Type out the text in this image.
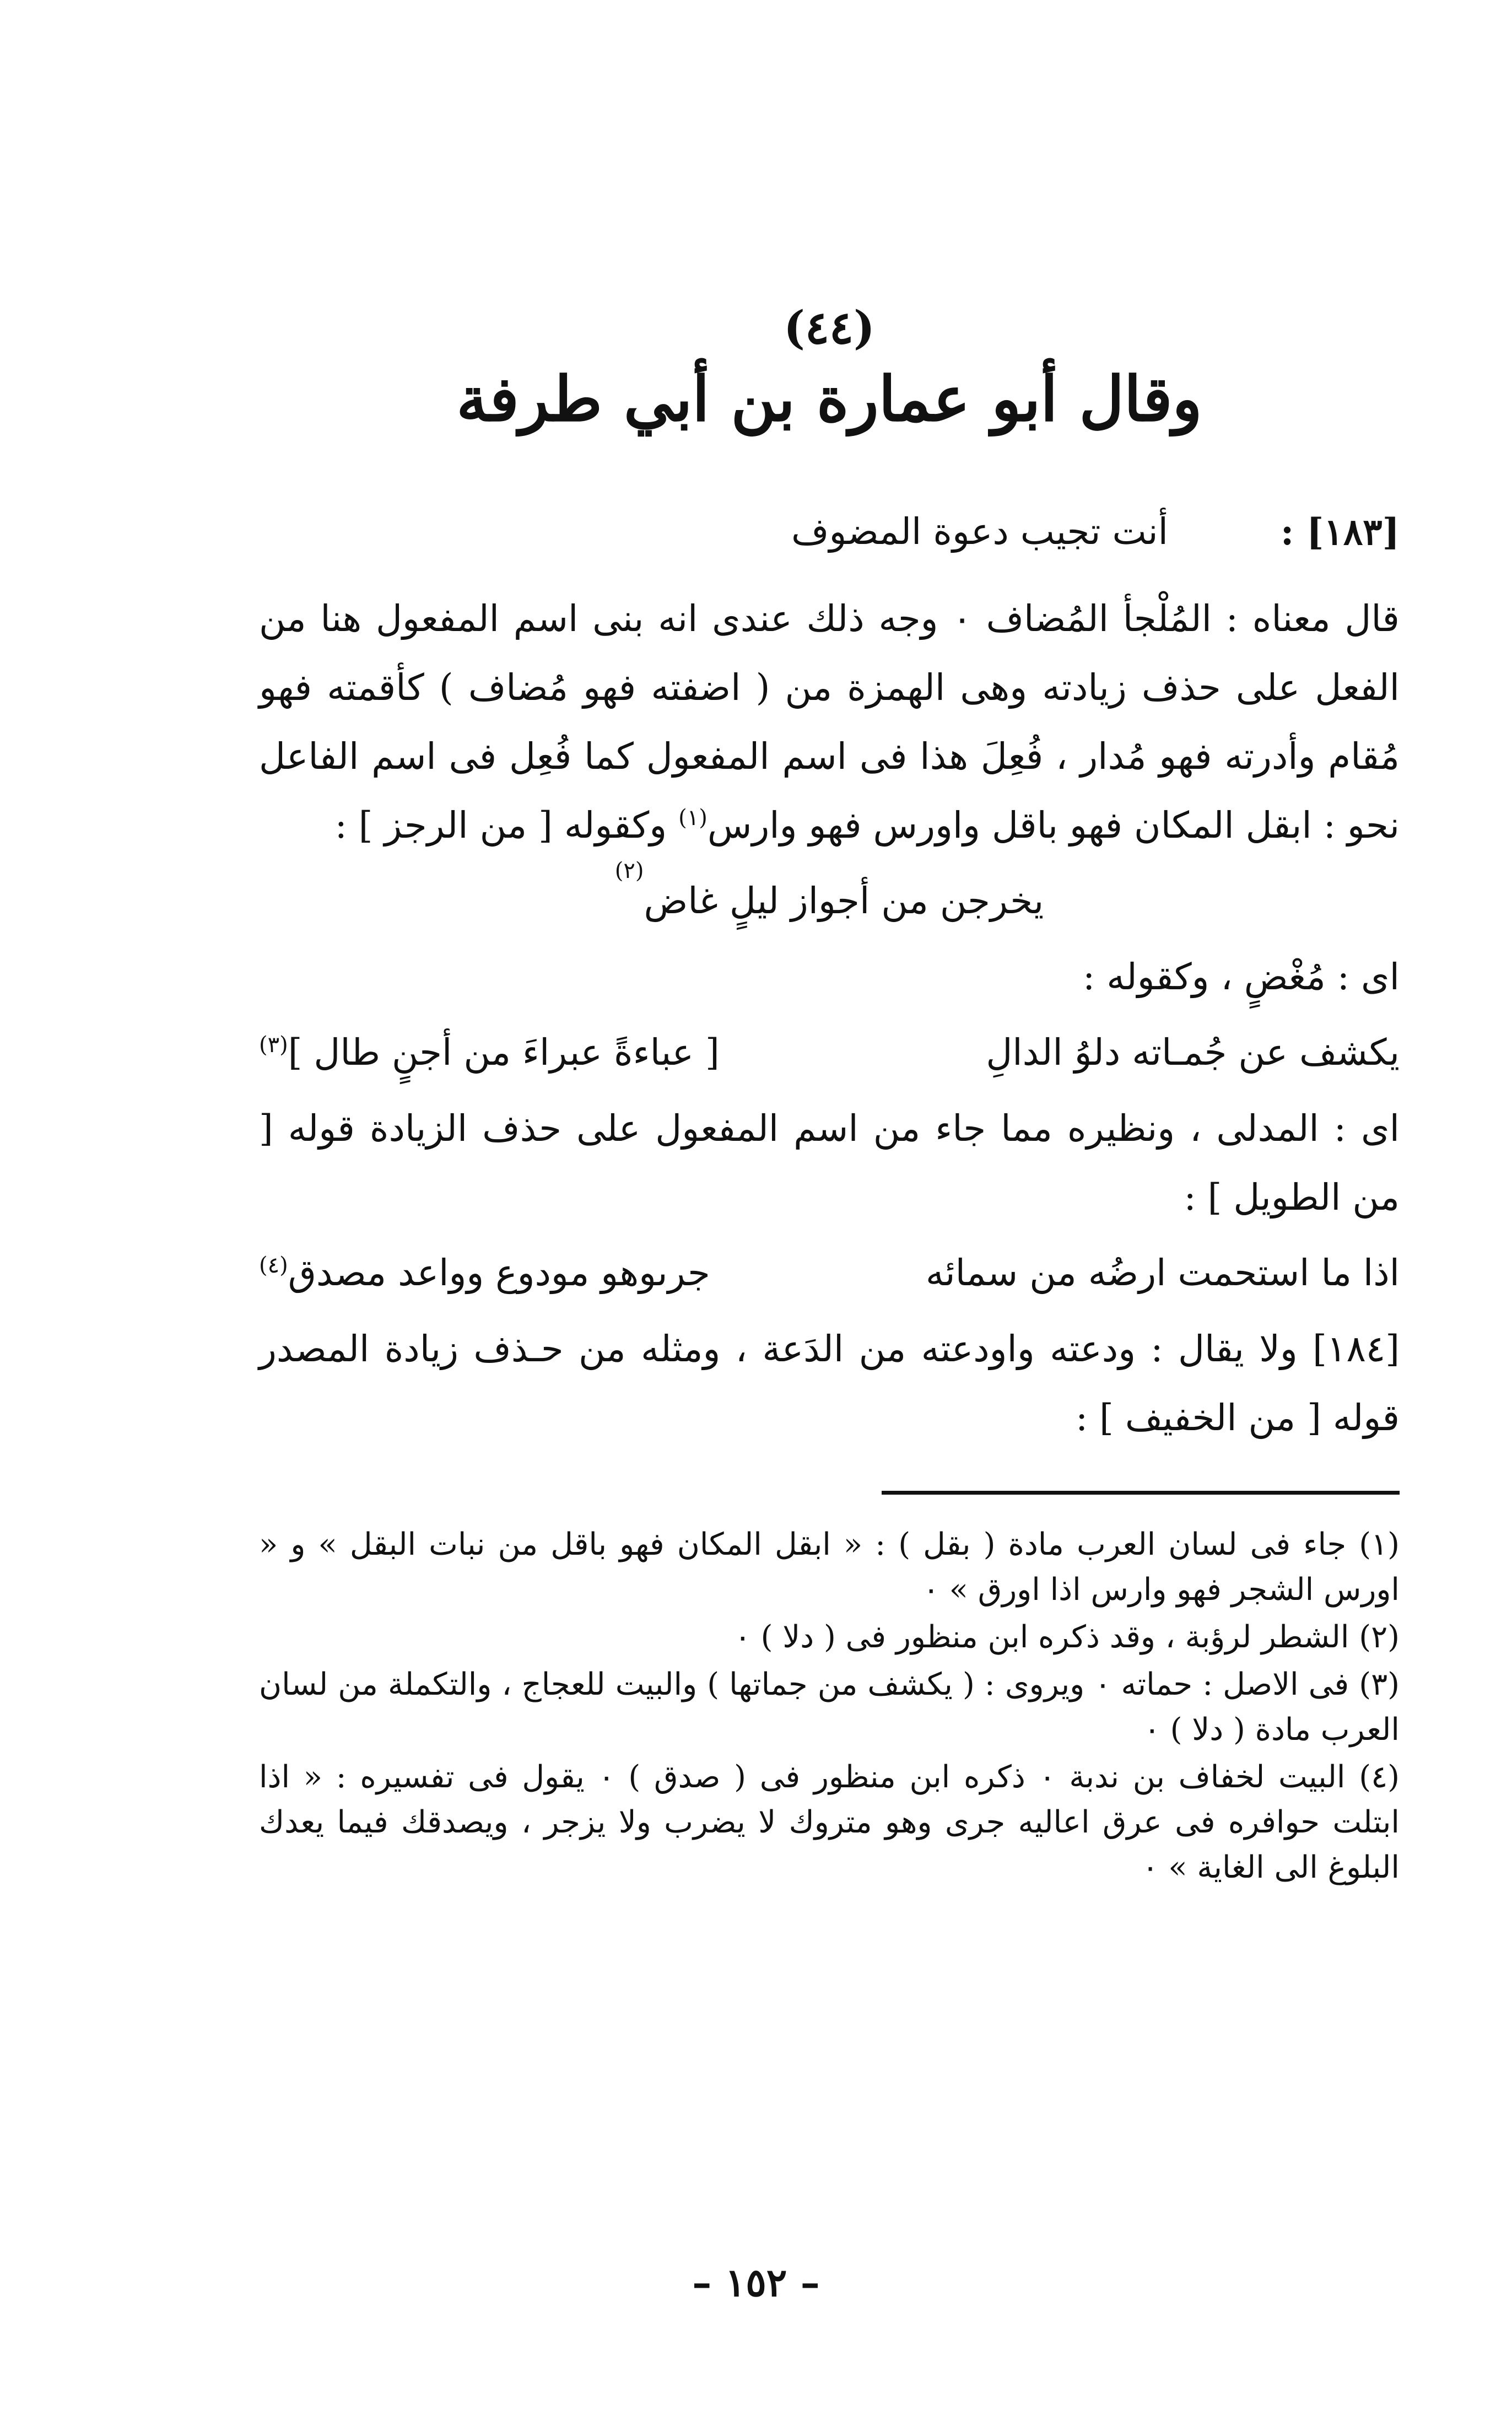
(٤٤)
وقال أبو عمارة بن أبي طرفة
[١٨٣] :
أنت تجيب دعوة المضوف
قال معناه : المُلْجأ المُضاف ٠ وجه ذلك عندى انه بنى اسم المفعول هنا من الفعل على حذف زيادته وهى الهمزة من ( اضفته فهو مُضاف ) كأقمته فهو مُقام وأدرته فهو مُدار ، فُعِلَ هذا فى اسم المفعول كما فُعِل فى اسم الفاعل نحو : ابقل المكان فهو باقل واورس فهو وارس$^{(١)}$ وكقوله [ من الرجز ] :
يخرجن من أجواز ليلٍ غاض
(٢)
اى : مُغْضٍ ، وكقوله :
يكشف عن جُمـاته دلوُ الدالِ
[ عباءةً عبراءَ من أجنٍ طال ]$^{(٣)}$
اى : المدلى ، ونظيره مما جاء من اسم المفعول على حذف الزيادة قوله [ من الطويل ] :
اذا ما استحمت ارضُه من سمائه
جرىوهو مودوع وواعد مصدق$^{(٤)}$
[١٨٤] ولا يقال : ودعته واودعته من الدَعة ، ومثله من حـذف زيادة المصدر قوله [ من الخفيف ] :

(١) جاء فى لسان العرب مادة ( بقل ) : « ابقل المكان فهو باقل من نبات البقل » و « اورس الشجر فهو وارس اذا اورق » ٠

(٢) الشطر لرؤبة ، وقد ذكره ابن منظور فى ( دلا ) ٠

(٣) فى الاصل : حماته ٠ ويروى : ( يكشف من جماتها ) والبيت للعجاج ، والتكملة من لسان العرب مادة ( دلا ) ٠

(٤) البيت لخفاف بن ندبة ٠ ذكره ابن منظور فى ( صدق ) ٠ يقول فى تفسيره : « اذا ابتلت حوافره فى عرق اعاليه جرى وهو متروك لا يضرب ولا يزجر ، ويصدقك فيما يعدك البلوغ الى الغاية » ٠

– ١٥٢ –
